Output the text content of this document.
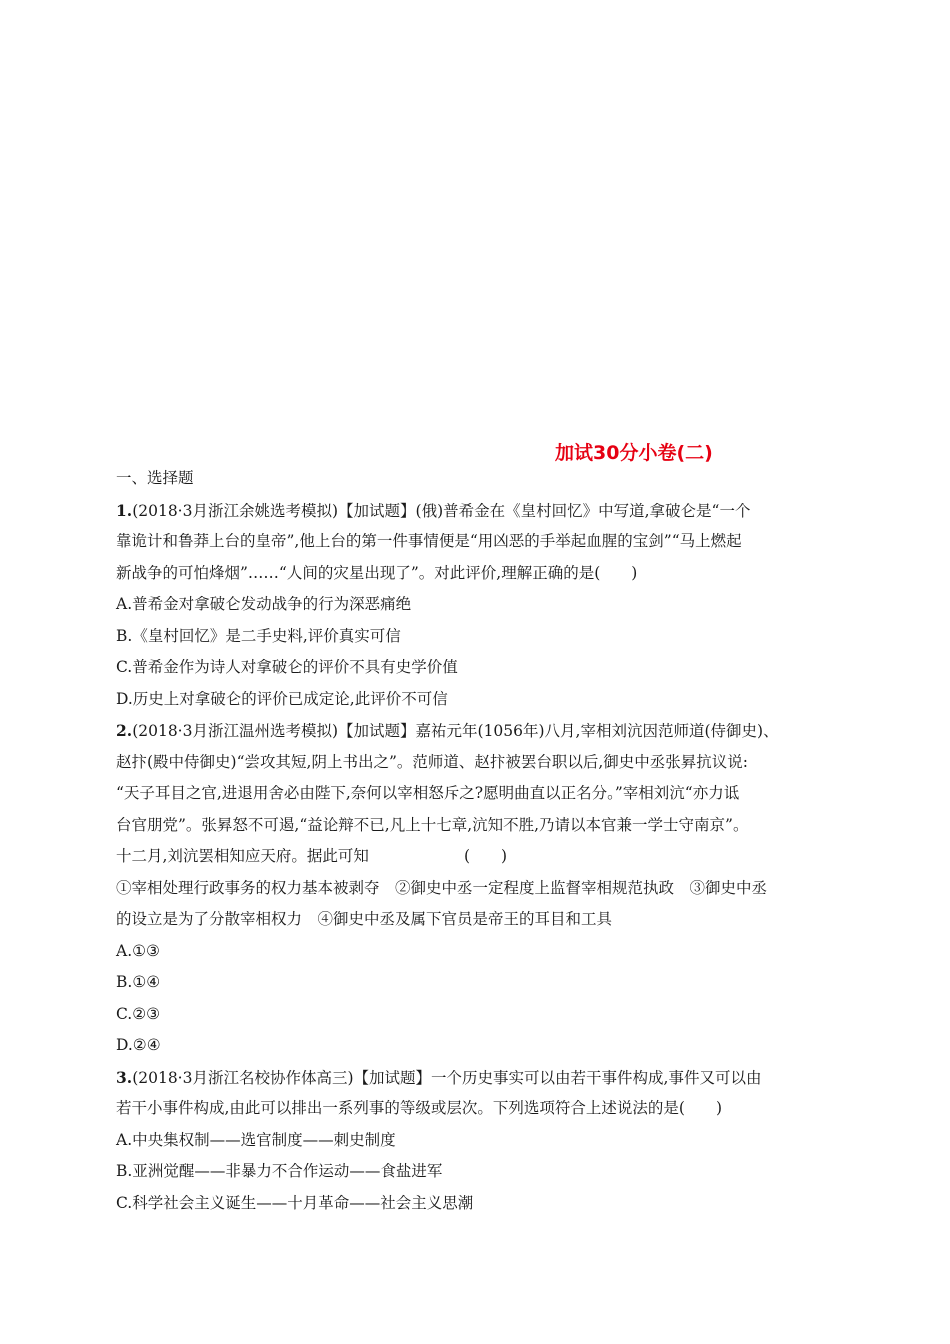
加试30分小卷(二)
一、选择题
1.(2018·3月浙江余姚选考模拟)【加试题】(俄)普希金在《皇村回忆》中写道,拿破仑是“一个
靠诡计和鲁莽上台的皇帝”,他上台的第一件事情便是“用凶恶的手举起血腥的宝剑”“马上燃起
新战争的可怕烽烟”……“人间的灾星出现了”。对此评价,理解正确的是(　　)
A.普希金对拿破仑发动战争的行为深恶痛绝
B.《皇村回忆》是二手史料,评价真实可信
C.普希金作为诗人对拿破仑的评价不具有史学价值
D.历史上对拿破仑的评价已成定论,此评价不可信
2.(2018·3月浙江温州选考模拟)【加试题】嘉祐元年(1056年)八月,宰相刘沆因范师道(侍御史)、
赵抃(殿中侍御史)“尝攻其短,阴上书出之”。范师道、赵抃被罢台职以后,御史中丞张昪抗议说:
“天子耳目之官,进退用舍必由陛下,奈何以宰相怒斥之?愿明曲直以正名分。”宰相刘沆“亦力诋
台官朋党”。张昪怒不可遏,“益论辩不已,凡上十七章,沆知不胜,乃请以本官兼一学士守南京”。
十二月,刘沆罢相知应天府。据此可知	(　　)
①宰相处理行政事务的权力基本被剥夺　②御史中丞一定程度上监督宰相规范执政　③御史中丞
的设立是为了分散宰相权力　④御史中丞及属下官员是帝王的耳目和工具
A.①③
B.①④
C.②③
D.②④
3.(2018·3月浙江名校协作体高三)【加试题】一个历史事实可以由若干事件构成,事件又可以由
若干小事件构成,由此可以排出一系列事的等级或层次。下列选项符合上述说法的是(　　)
A.中央集权制——选官制度——刺史制度
B.亚洲觉醒——非暴力不合作运动——食盐进军
C.科学社会主义诞生——十月革命——社会主义思潮
